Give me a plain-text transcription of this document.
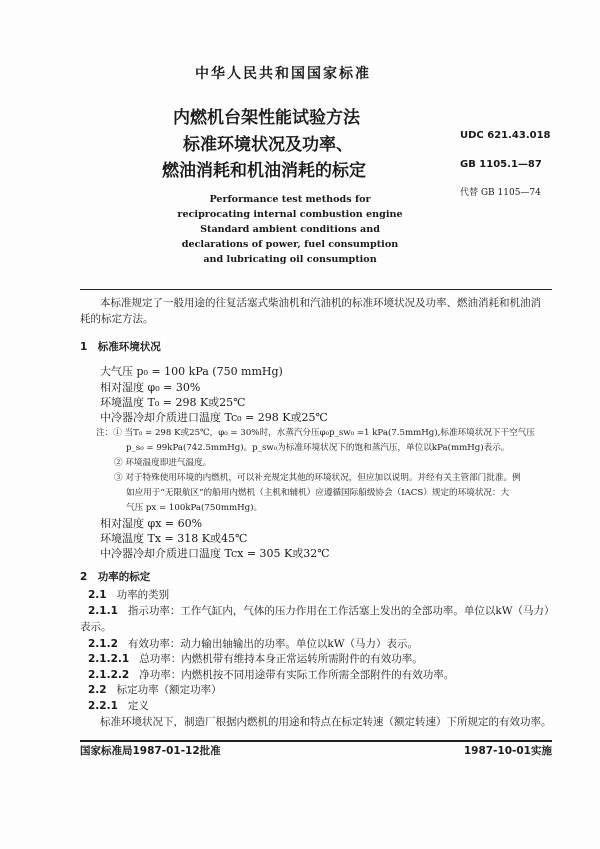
中华人民共和国国家标准
内燃机台架性能试验方法
标准环境状况及功率、
燃油消耗和机油消耗的标定
UDC 621.43.018
GB 1105.1—87
代替 GB 1105—74
Performance test methods for
reciprocating internal combustion engine
Standard ambient conditions and
declarations of power, fuel consumption
and lubricating oil consumption
本标准规定了一般用途的往复活塞式柴油机和汽油机的标准环境状况及功率、燃油消耗和机油消
耗的标定方法。
1　标准环境状况
大气压 p₀ = 100 kPa (750 mmHg)
相对湿度 φ₀ = 30%
环境温度 T₀ = 298 K或25℃
中冷器冷却介质进口温度 Tc₀ = 298 K或25℃
注：① 当T₀ = 298 K或25℃，φ₀ = 30%时，水蒸汽分压φ₀p_sw₀ =1 kPa(7.5mmHg),标准环境状况下干空气压
p_s₀ = 99kPa(742.5mmHg)。p_sw₀为标准环境状况下的饱和蒸汽压，单位以kPa(mmHg)表示。
② 环境温度即进气温度。
③ 对于特殊使用环境的内燃机，可以补充规定其他的环境状况，但应加以说明。并经有关主管部门批准。例
如应用于“无限航区”的船用内燃机（主机和辅机）应遵循国际船级协会（IACS）规定的环境状况：大
气压 px = 100kPa(750mmHg)。
相对湿度 φx = 60%
环境温度 Tx = 318 K或45℃
中冷器冷却介质进口温度 Tcx = 305 K或32℃
2　功率的标定
2.1 功率的类别
2.1.1 指示功率：工作气缸内，气体的压力作用在工作活塞上发出的全部功率。单位以kW（马力）
表示。
2.1.2 有效功率：动力输出轴输出的功率。单位以kW（马力）表示。
2.1.2.1 总功率：内燃机带有维持本身正常运转所需附件的有效功率。
2.1.2.2 净功率：内燃机按不同用途带有实际工作所需全部附件的有效功率。
2.2 标定功率（额定功率）
2.2.1 定义
标准环境状况下，制造厂根据内燃机的用途和特点在标定转速（额定转速）下所规定的有效功率。
国家标准局1987-01-12批准	1987-10-01实施
